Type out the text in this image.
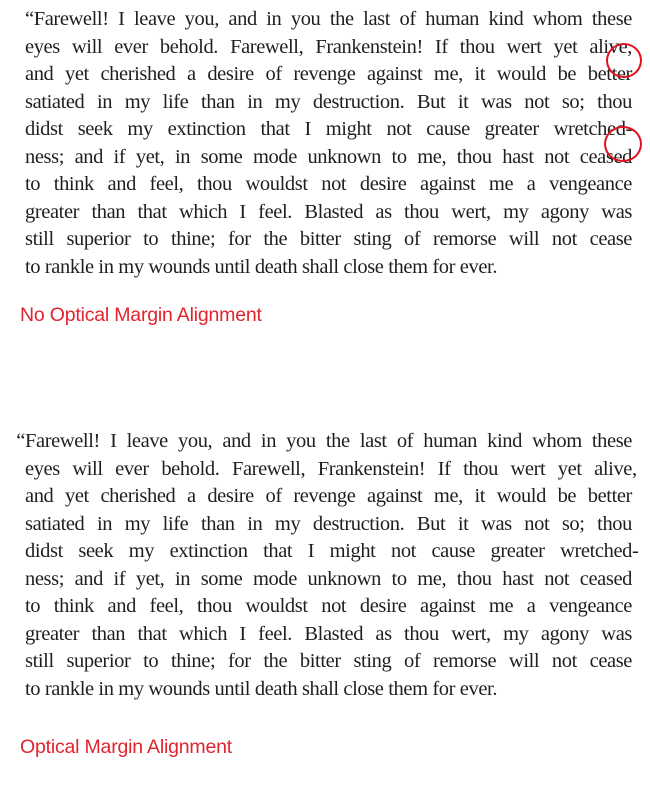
“Farewell! I leave you, and in you the last of human kind whom these
eyes will ever behold. Farewell, Frankenstein! If thou wert yet alive,
and yet cherished a desire of revenge against me, it would be better
satiated in my life than in my destruction. But it was not so; thou
didst seek my extinction that I might not cause greater wretched-
ness; and if yet, in some mode unknown to me, thou hast not ceased
to think and feel, thou wouldst not desire against me a vengeance
greater than that which I feel. Blasted as thou wert, my agony was
still superior to thine; for the bitter sting of remorse will not cease
to rankle in my wounds until death shall close them for ever.
No Optical Margin Alignment
“ Farewell! I leave you, and in you the last of human kind whom these
eyes will ever behold. Farewell, Frankenstein! If thou wert yet alive ,
and yet cherished a desire of revenge against me, it would be better
satiated in my life than in my destruction. But it was not so; thou
didst seek my extinction that I might not cause greater wretched -
ness; and if yet, in some mode unknown to me, thou hast not ceased
to think and feel, thou wouldst not desire against me a vengeance
greater than that which I feel. Blasted as thou wert, my agony was
still superior to thine; for the bitter sting of remorse will not cease
to rankle in my wounds until death shall close them for ever.
Optical Margin Alignment
